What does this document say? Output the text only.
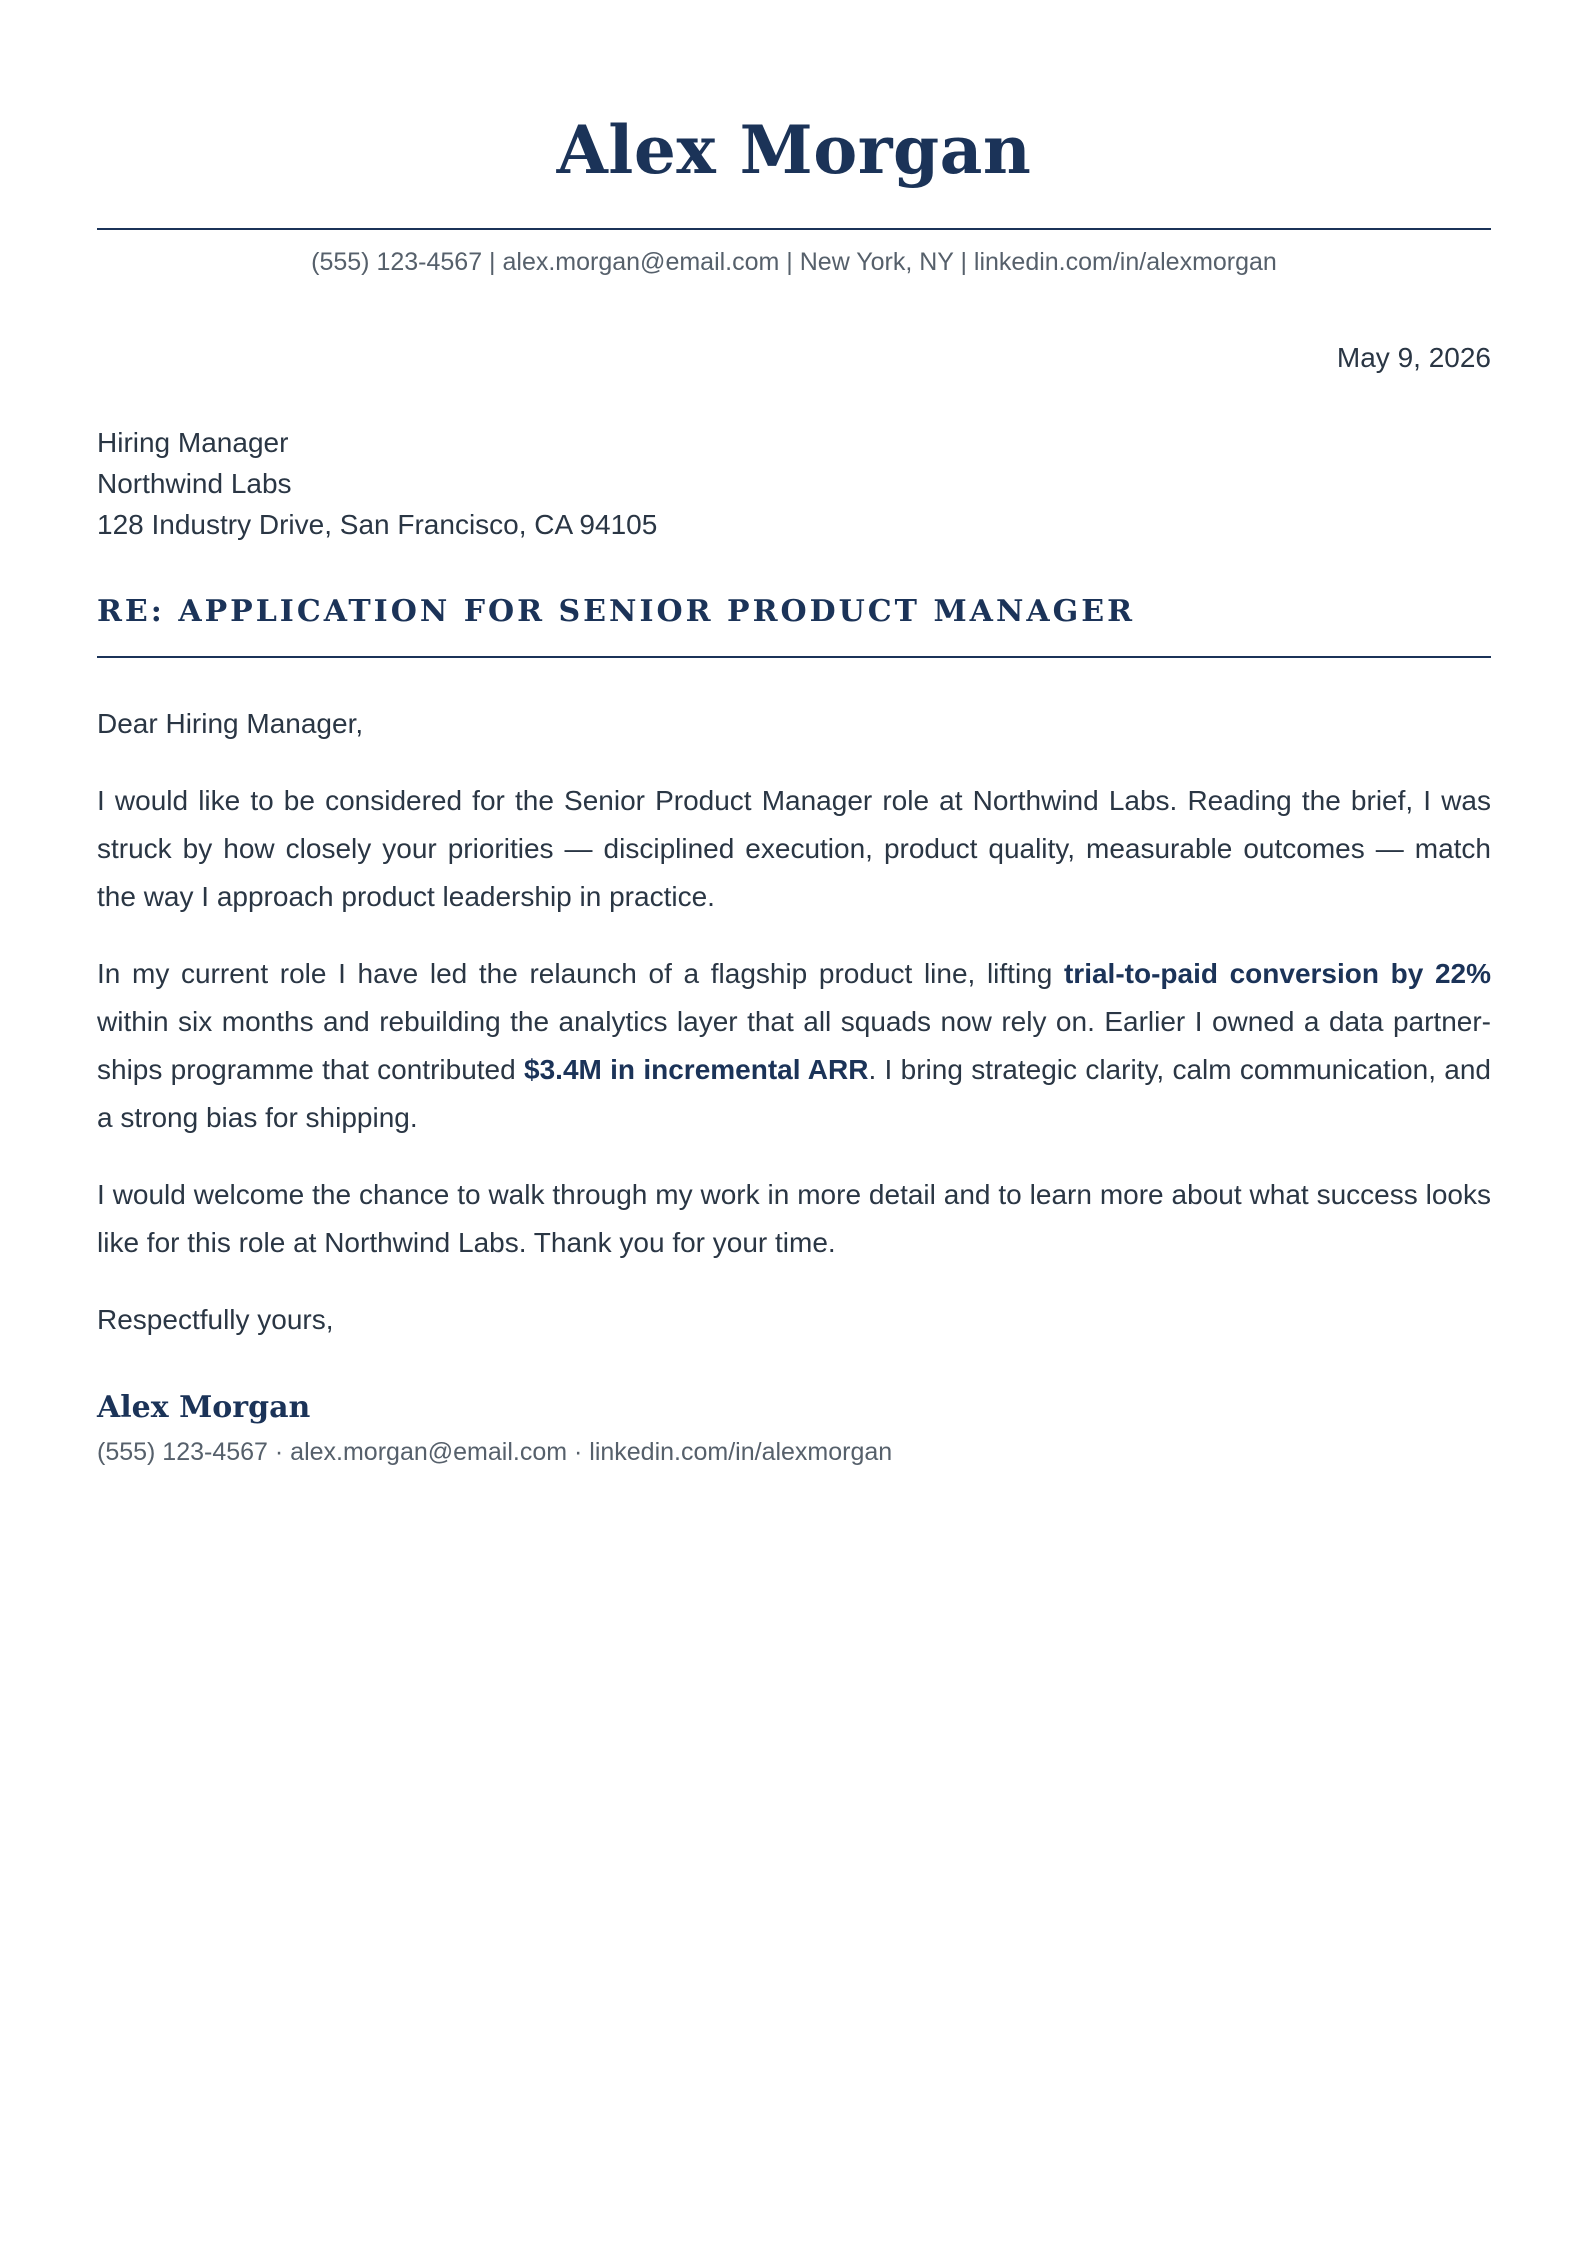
Alex Morgan
(555) 123-4567 | alex.morgan@email.com | New York, NY | linkedin.com/in/alexmorgan
May 9, 2026
Hiring Manager
Northwind Labs
128 Industry Drive, San Francisco, CA 94105
RE: APPLICATION FOR SENIOR PRODUCT MANAGER
Dear Hiring Manager,

I would like to be considered for the Senior Product Manager role at Northwind Labs. Reading the brief, I was struck by how closely your priorities — disciplined execution, product quality, measurable outcomes — match the way I approach product leadership in practice.

In my current role I have led the relaunch of a flagship product line, lifting trial-to-paid conversion by 22% within six months and rebuilding the analytics layer that all squads now rely on. Earlier I owned a data partnerships programme that contributed $3.4M in incremental ARR. I bring strategic clarity, calm communication, and a strong bias for shipping.

I would welcome the chance to walk through my work in more detail and to learn more about what success looks like for this role at Northwind Labs. Thank you for your time.

Respectfully yours,
Alex Morgan
(555) 123-4567 · alex.morgan@email.com · linkedin.com/in/alexmorgan
